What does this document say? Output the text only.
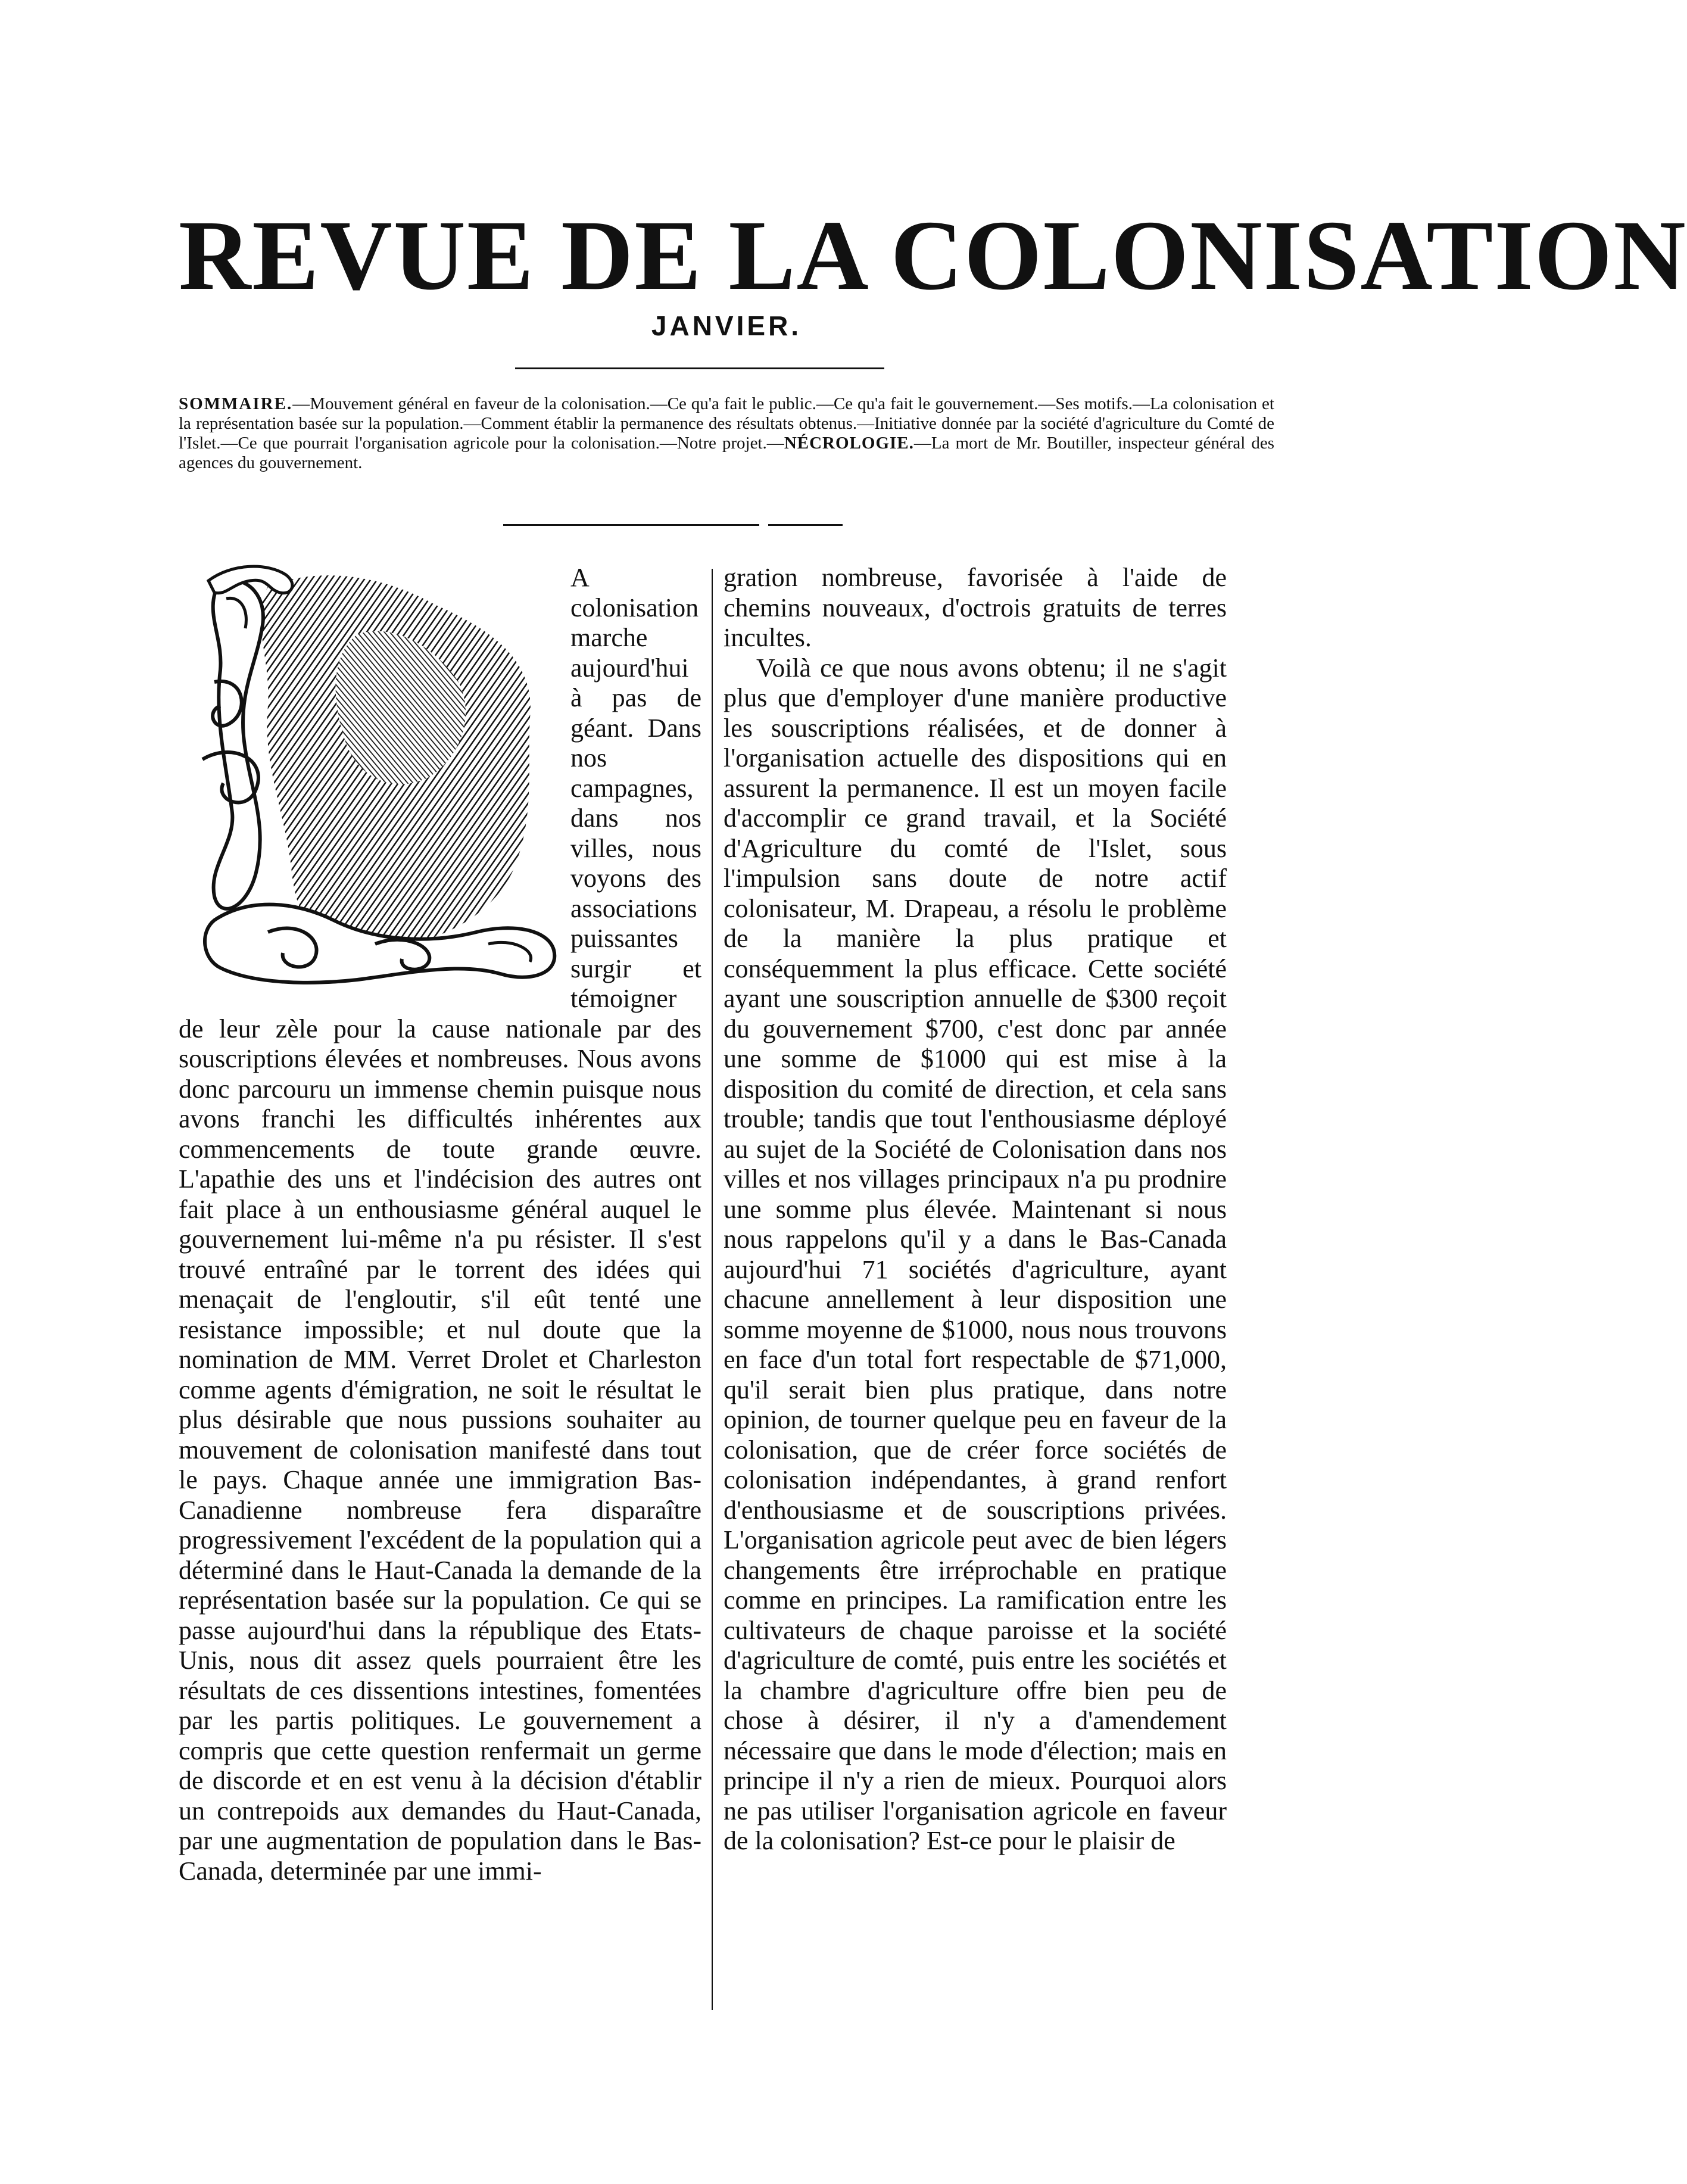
REVUE DE LA COLONISATION
JANVIER.
SOMMAIRE.—Mouvement général en faveur de la colonisation.—Ce qu'a fait le public.—Ce qu'a fait le gouvernement.—Ses motifs.—La colonisation et la représentation basée sur la population.—Comment établir la permanence des résultats obtenus.—Initiative donnée par la société d'agriculture du Comté de l'Islet.—Ce que pourrait l'organisation agricole pour la colonisation.—Notre projet.—NÉCROLOGIE.—La mort de Mr. Boutiller, inspecteur général des agences du gouvernement.

A colonisation marche aujourd'hui à pas de géant. Dans nos campagnes, dans nos villes, nous voyons des associations puissantes surgir et témoigner de leur zèle pour la cause nationale par des souscriptions élevées et nombreuses. Nous avons donc parcouru un immense chemin puisque nous avons franchi les difficultés inhérentes aux commencements de toute grande œuvre. L'apathie des uns et l'indécision des autres ont fait place à un enthousiasme général auquel le gouvernement lui-même n'a pu résister. Il s'est trouvé entraîné par le torrent des idées qui menaçait de l'engloutir, s'il eût tenté une resistance impossible; et nul doute que la nomination de MM. Verret Drolet et Charleston comme agents d'émigration, ne soit le résultat le plus désirable que nous pussions souhaiter au mouvement de colonisation manifesté dans tout le pays. Chaque année une immigration Bas-Canadienne nombreuse fera disparaître progressivement l'excédent de la population qui a déterminé dans le Haut-Canada la demande de la représentation basée sur la population. Ce qui se passe aujourd'hui dans la république des Etats-Unis, nous dit assez quels pourraient être les résultats de ces dissentions intestines, fomentées par les partis politiques. Le gouvernement a compris que cette question renfermait un germe de discorde et en est venu à la décision d'établir un contrepoids aux demandes du Haut-Canada, par une augmentation de population dans le Bas-Canada, determinée par une immi-

gration nombreuse, favorisée à l'aide de chemins nouveaux, d'octrois gratuits de terres incultes.

Voilà ce que nous avons obtenu; il ne s'agit plus que d'employer d'une manière productive les souscriptions réalisées, et de donner à l'organisation actuelle des dispositions qui en assurent la permanence. Il est un moyen facile d'accomplir ce grand travail, et la Société d'Agriculture du comté de l'Islet, sous l'impulsion sans doute de notre actif colonisateur, M. Drapeau, a résolu le problème de la manière la plus pratique et conséquemment la plus efficace. Cette société ayant une souscription annuelle de $300 reçoit du gouvernement $700, c'est donc par année une somme de $1000 qui est mise à la disposition du comité de direction, et cela sans trouble; tandis que tout l'enthousiasme déployé au sujet de la Société de Colonisation dans nos villes et nos villages principaux n'a pu prodnire une somme plus élevée. Maintenant si nous nous rappelons qu'il y a dans le Bas-Canada aujourd'hui 71 sociétés d'agriculture, ayant chacune annellement à leur disposition une somme moyenne de $1000, nous nous trouvons en face d'un total fort respectable de $71,000, qu'il serait bien plus pratique, dans notre opinion, de tourner quelque peu en faveur de la colonisation, que de créer force sociétés de colonisation indépendantes, à grand renfort d'enthousiasme et de souscriptions privées. L'organisation agricole peut avec de bien légers changements être irréprochable en pratique comme en principes. La ramification entre les cultivateurs de chaque paroisse et la société d'agriculture de comté, puis entre les sociétés et la chambre d'agriculture offre bien peu de chose à désirer, il n'y a d'amendement nécessaire que dans le mode d'élection; mais en principe il n'y a rien de mieux. Pourquoi alors ne pas utiliser l'organisation agricole en faveur de la colonisation? Est-ce pour le plaisir de
